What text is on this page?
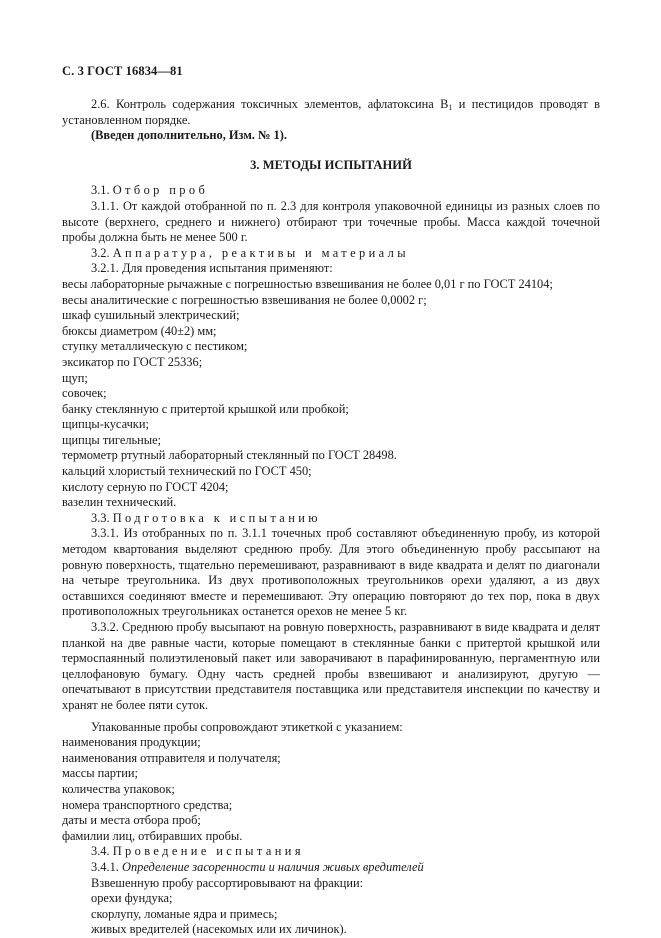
С. 3 ГОСТ 16834—81

2.6. Контроль содержания токсичных элементов, афлатоксина $В_1$ и пестицидов проводят в установленном порядке.

(Введен дополнительно, Изм. № 1).

3. МЕТОДЫ ИСПЫТАНИЙ

3.1. Отбор проб

3.1.1. От каждой отобранной по п. 2.3 для контроля упаковочной единицы из разных слоев по высоте (верхнего, среднего и нижнего) отбирают три точечные пробы. Масса каждой точечной пробы должна быть не менее 500 г.

3.2. Аппаратура, реактивы и материалы

3.2.1. Для проведения испытания применяют:

весы лабораторные рычажные с погрешностью взвешивания не более 0,01 г по ГОСТ 24104;

весы аналитические с погрешностью взвешивания не более 0,0002 г;

шкаф сушильный электрический;

бюксы диаметром (40±2) мм;

ступку металлическую с пестиком;

эксикатор по ГОСТ 25336;

щуп;

совочек;

банку стеклянную с притертой крышкой или пробкой;

щипцы-кусачки;

щипцы тигельные;

термометр ртутный лабораторный стеклянный по ГОСТ 28498.

кальций хлористый технический по ГОСТ 450;

кислоту серную по ГОСТ 4204;

вазелин технический.

3.3. Подготовка к испытанию

3.3.1. Из отобранных по п. 3.1.1 точечных проб составляют объединенную пробу, из которой методом квартования выделяют среднюю пробу. Для этого объединенную пробу рассыпают на ровную поверхность, тщательно перемешивают, разравнивают в виде квадрата и делят по диагонали на четыре треугольника. Из двух противоположных треугольников орехи удаляют, а из двух оставшихся соединяют вместе и перемешивают. Эту операцию повторяют до тех пор, пока в двух противоположных треугольниках останется орехов не менее 5 кг.

3.3.2. Среднюю пробу высыпают на ровную поверхность, разравнивают в виде квадрата и делят планкой на две равные части, которые помещают в стеклянные банки с притертой крышкой или термоспаянный полиэтиленовый пакет или заворачивают в парафинированную, пергаментную или целлофановую бумагу. Одну часть средней пробы взвешивают и анализируют, другую — опечатывают в присутствии представителя поставщика или представителя инспекции по качеству и хранят не более пяти суток.

Упакованные пробы сопровождают этикеткой с указанием:

наименования продукции;

наименования отправителя и получателя;

массы партии;

количества упаковок;

номера транспортного средства;

даты и места отбора проб;

фамилии лиц, отбиравших пробы.

3.4. Проведение испытания

3.4.1. Определение засоренности и наличия живых вредителей

Взвешенную пробу рассортировывают на фракции:

орехи фундука;

скорлупу, ломаные ядра и примесь;

живых вредителей (насекомых или их личинок).
